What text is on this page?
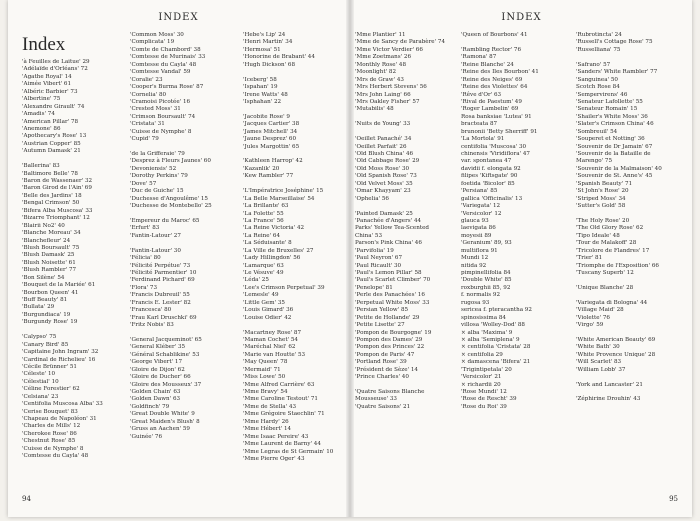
INDEX
Index
'à Feuilles de Laitue' 29
'Adélaïde d'Orléans' 72
'Agathe Royal' 14
'Aimée Vibert' 61
'Albéric Barbier' 73
'Albertine' 75
'Alexandre Girault' 74
'Amadis' 74
'American Pillar' 78
'Anemone' 86
'Apothecary's Rose' 13
'Austrian Copper' 85
'Autumn Damask' 21
'Ballerina' 83
'Baltimore Belle' 78
'Baron de Wassenaer' 32
'Baron Girod de l'Ain' 69
'Belle des Jardins' 18
'Bengal Crimson' 50
'Bifera Alba Muscosa' 33
'Bizarre Triomphant' 12
'Blairii No2' 40
'Blanche Moreau' 34
'Blanchefleur' 24
'Blush Boursault' 75
'Blush Damask' 25
'Blush Noisette' 61
'Blush Rambler' 77
'Bon Silène' 54
'Bouquet de la Mariée' 61
'Bourbon Queen' 41
'Buff Beauty' 81
'Bullata' 29
'Burgundiaca' 19
'Burgundy Rose' 19
'Calypso' 75
'Canary Bird' 85
'Capitaine John Ingram' 32
'Cardinal de Richelieu' 16
'Cécile Brünner' 51
'Céleste' 10
'Célestial' 10
'Céline Forestier' 62
'Celsiana' 23
'Centifolia Muscosa Alba' 33
'Cerise Bouquet' 83
'Chapeau de Napoléon' 31
'Charles de Mills' 12
'Cherokee Rose' 86
'Chestnut Rose' 85
'Cuisse de Nymphe' 8
'Comtesse du Cayla' 48
'Common Moss' 30
'Complicata' 19
'Comte de Chambord' 38
'Comtesse de Murinais' 33
'Comtesse du Cayla' 48
'Comtesse Vandal' 59
'Coralie' 23
'Cooper's Burma Rose' 87
'Cornelia' 80
'Cramoisi Picotée' 16
'Crested Moss' 31
'Crimson Boursault' 74
'Cristata' 31
'Cuisse de Nymphe' 8
'Cupid' 79
'de la Grifferaie' 79
'Desprez à Fleurs Jaunes' 60
'Devoniensis' 52
'Dorothy Perkins' 79
'Dove' 57
'Duc de Guiche' 15
'Duchesse d'Angoulême' 15
'Duchesse de Montebello' 25
'Empereur du Maroc' 65
'Erfurt' 83
'Fantin-Latour' 27
'Fantin-Latour' 30
'Félicia' 80
'Félicité Perpétue' 73
'Félicité Parmentier' 10
'Ferdinand Pichard' 69
'Flora' 73
'Francis Dubreuil' 55
'Francis E. Lester' 82
'Francesca' 80
'Frau Karl Druschki' 69
'Fritz Nobis' 83
'General Jacqueminot' 65
'General Kléber' 35
'Général Schablikine' 53
'George Vibert' 17
'Gloire de Dijon' 62
'Gloire de Ducher' 66
'Gloire des Mousseux' 37
'Golden Chain' 63
'Golden Dawn' 63
'Goldfinch' 79
'Great Double White' 9
'Great Maiden's Blush' 8
'Gruss an Aachen' 59
'Guinée' 76
'Hebe's Lip' 24
'Henri Martin' 34
'Hermosa' 51
'Honorine de Brabant' 44
'Hugh Dickson' 68
'Iceberg' 58
'Ispahan' 19
'Irene Watts' 48
'Isphahan' 22
'Jacobite Rose' 9
'Jacques Cartier' 38
'James Mitchell' 34
'Jaune Desprez' 60
'Jules Margottin' 65
'Kathleen Harrop' 42
'Kazanlik' 20
'Kew Rambler' 77
'L'Impératrice Joséphine' 15
'La Belle Marseillaise' 54
'La Brillante' 63
'La Folette' 55
'La France' 56
'La Reine Victoria' 42
'La Reine' 64
'La Séduisante' 8
'La Ville de Bruxelles' 27
'Lady Hillingdon' 56
'Lamarque' 63
'Le Vésuve' 49
'Léda' 25
'Lee's Crimson Perpetual' 39
'Lemesle' 49
'Little Gem' 35
'Louis Gimard' 36
'Louise Odier' 42
'Macartney Rose' 87
'Maman Cochet' 54
'Maréchal Niel' 62
'Marie van Houtte' 53
'May Queen' 78
'Mermaid' 71
'Miss Lowe' 50
'Mme Alfred Carrière' 63
'Mme Bravy' 54
'Mme Caroline Testout' 71
'Mme de Stella' 43
'Mme Grégoire Staechlin' 71
'Mme Hardy' 26
'Mme Hébert' 14
'Mme Isaac Pereire' 43
'Mme Laurent de Barny' 44
'Mme Legras de St Germain' 10
'Mme Pierre Oger' 43
94
INDEX
'Mme Plantier' 11
'Mme de Sancy de Parabère' 74
'Mme Victor Verdier' 66
'Mme Zoetmans' 26
'Monthly Rose' 48
'Moonlight' 82
'Mrs de Graw' 43
'Mrs Herbert Stevens' 56
'Mrs John Laing' 66
'Mrs Oakley Fisher' 57
'Mutabilis' 48
'Nuits de Young' 33
'Oeillet Panaché' 34
'Oeillet Parfait' 26
'Old Blush China' 46
'Old Cabbage Rose' 29
'Old Moss Rose' 30
'Old Spanish Rose' 73
'Old Velvet Moss' 35
'Omar Khayyam' 23
'Ophelia' 56
'Painted Damask' 25
'Panachée d'Angers' 44
Parks' Yellow Tea-Scented
China' 53
Parson's Pink China' 46
'Parvifolia' 19
'Paul Neyron' 67
'Paul Ricault' 30
'Paul's Lemon Pillar' 58
'Paul's Scarlet Climber' 70
'Penelope' 81
'Perle des Panachées' 16
'Perpetual White Moss' 33
'Persian Yellow' 85
'Petite de Hollande' 29
'Petite Lisette' 27
'Pompon de Bourgogne' 19
'Pompon des Dames' 29
'Pompon des Princes' 22
'Pompon de Paris' 47
'Portland Rose' 39
'Président de Sèze' 14
'Prince Charles' 40
'Quatre Saisons Blanche
Mousseuse' 33
'Quatre Saisons' 21
'Queen of Bourbons' 41
'Rambling Rector' 76
'Ramona' 87
'Reine Blanche' 24
'Reine des Iles Bourbon' 41
'Reine des Neiges' 69
'Reine des Violettes' 64
'Rêve d'Or' 63
'Rival de Paestum' 49
'Roger Lambelin' 69
Rosa banksiae 'Lutea' 91
bracteata 87
brunonii 'Betty Sherriff' 91
'La Mortola' 91
centifolia 'Muscosa' 30
chinensis 'Viridiflora' 47
var. spontanea 47
davidii f. elongata 92
filipes 'Kiftsgate' 90
foetida 'Bicolor' 85
'Persiana' 85
gallica 'Officinalis' 13
'Variegata' 12
'Versicolor' 12
glauca 93
laevigata 86
moyesii 89
'Geranium' 89, 93
multiflora 91
Mundi 12
nitida 92
pimpinellifolia 84
'Double White' 85
roxburghii 85, 92
f. normalis 92
rugosa 93
sericea f. pteracantha 92
spinosissima 84
villosa 'Wolley-Dod' 88
× alba 'Maxima' 9
× alba 'Semiplena' 9
× centifolia 'Cristata' 28
× centifolia 29
× damascena 'Bifera' 21
'Trigintipetala' 20
'Versicolor' 21
× richardii 20
'Rose Mundi' 12
'Rose de Rescht' 39
'Rose du Roi' 39
'Rubrotincta' 24
'Russell's Cottage Rose' 75
'Russelliana' 75
'Safrano' 57
'Sanders' White Rambler' 77
'Sanguinea' 50
Scotch Rose 84
'Sempervirens' 46
'Senateur Lafollette' 55
'Senateur Romain' 15
'Shailer's White Moss' 36
'Slater's Crimson China' 46
'Sombreuil' 54
'Souperet et Notting' 36
'Souvenir de Dr Jamain' 67
'Souvenir de la Bataille de
Marengo' 75
'Souvenir de la Malmaison' 40
'Souvenir de St. Anne's' 45
'Spanish Beauty' 71
'St John's Rose' 20
'Striped Moss' 34
'Sutter's Gold' 58
'The Holy Rose' 20
'The Old Glory Rose' 62
'Tipo Ideale' 48
'Tour de Malakoff' 28
'Tricolore de Flandres' 17
'Trier' 81
'Triomphe de l'Exposition' 66
'Tuscany Superb' 12
'Unique Blanche' 28
'Variegata di Bologna' 44
'Village Maid' 28
'Violette' 76
'Virgo' 59
'White American Beauty' 69
'White Bath' 30
'White Provence Unique' 28
'Will Scarlet' 83
'William Lobb' 37
'York and Lancaster' 21
'Zéphirine Drouhin' 43
95
